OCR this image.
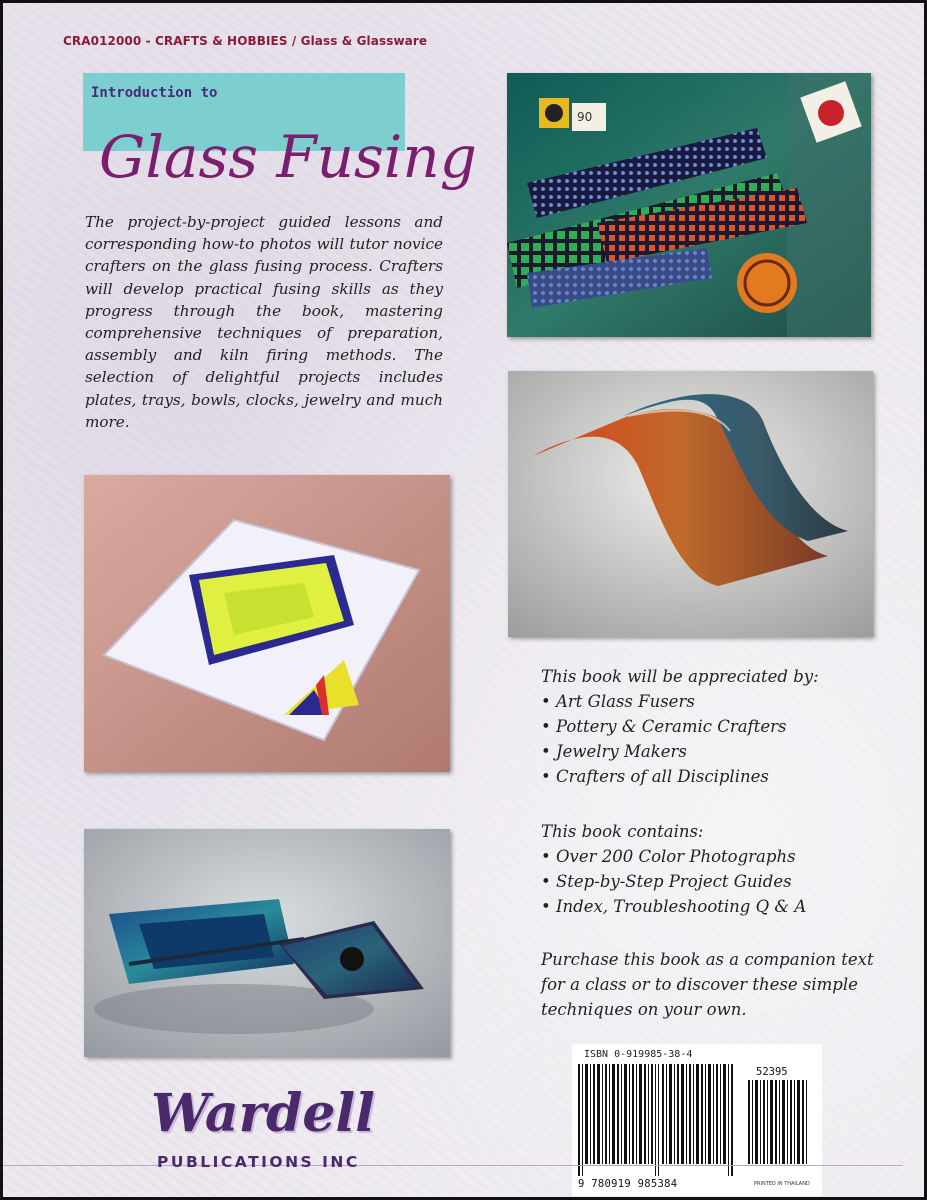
CRA012000 - CRAFTS & HOBBIES / Glass & Glassware
Introduction to
Glass Fusing

The project-by-project guided lessons and corresponding how-to photos will tutor novice crafters on the glass fusing process. Crafters will develop practical fusing skills as they progress through the book, mastering comprehensive techniques of preparation, assembly and kiln firing methods. The selection of delightful projects includes plates, trays, bowls, clocks, jewelry and much more.

90

This book will be appreciated by:

• Art Glass Fusers
• Pottery & Ceramic Crafters
• Jewelry Makers
• Crafters of all Disciplines

This book contains:

• Over 200 Color Photographs
• Step-by-Step Project Guides
• Index, Troubleshooting Q & A

Purchase this book as a companion text for a class or to discover these simple techniques on your own.

ISBN 0-919985-38-4
52395
9 780919 985384	PRINTED IN THAILAND
Wardell
PUBLICATIONS INC
